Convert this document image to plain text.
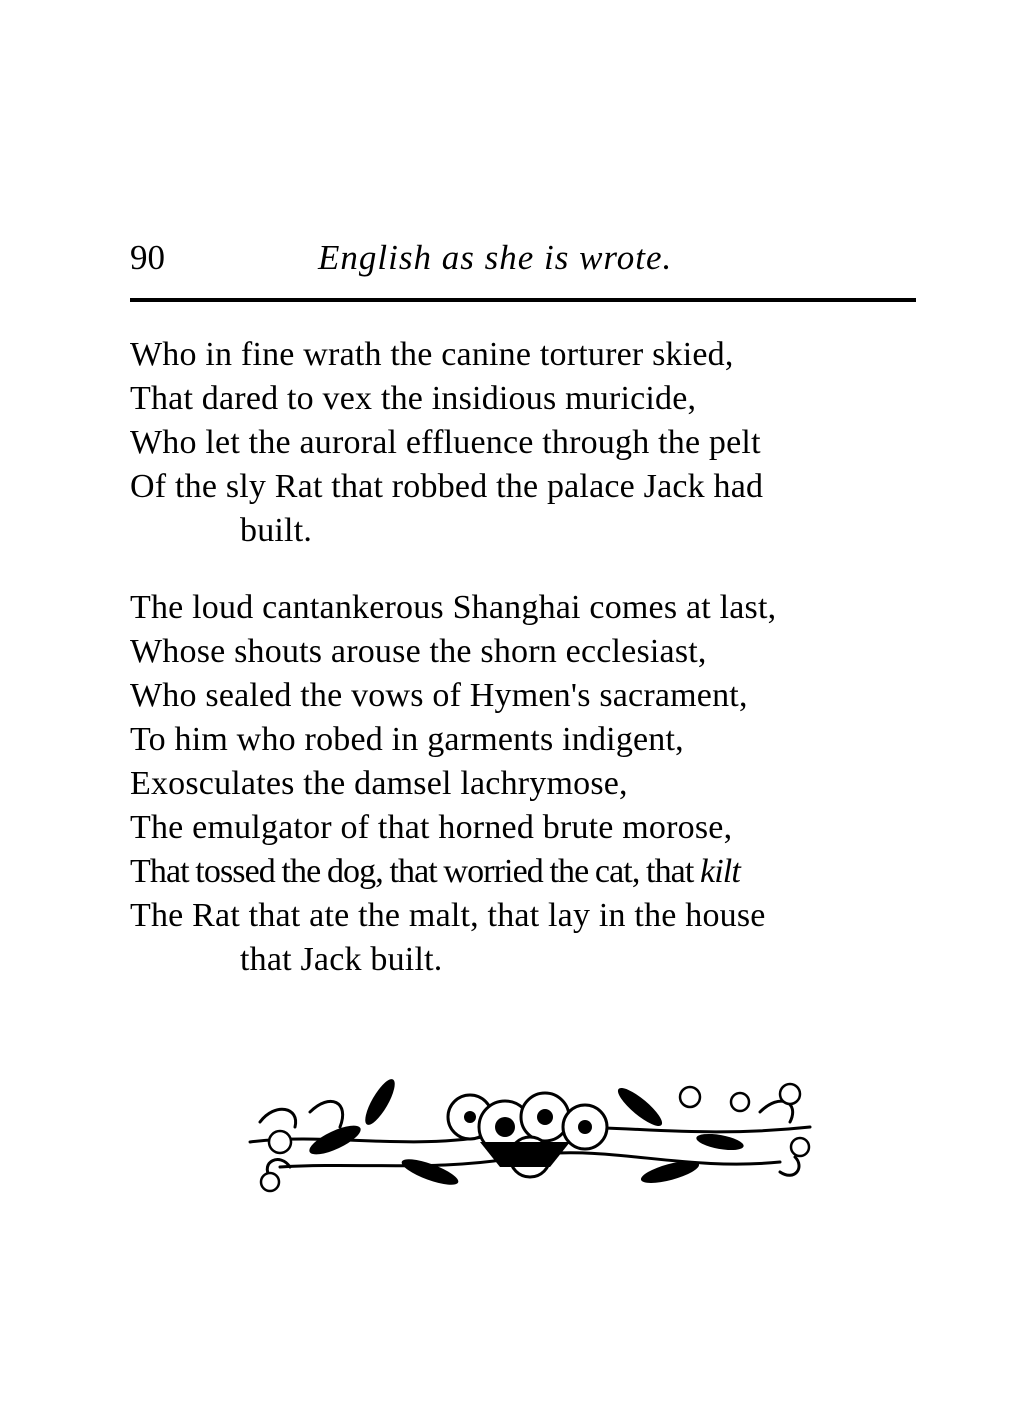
90	English as she is wrote.
Who in fine wrath the canine torturer skied,
That dared to vex the insidious muricide,
Who let the auroral effluence through the pelt
Of the sly Rat that robbed the palace Jack had
built.
The loud cantankerous Shanghai comes at last,
Whose shouts arouse the shorn ecclesiast,
Who sealed the vows of Hymen's sacrament,
To him who robed in garments indigent,
Exosculates the damsel lachrymose,
The emulgator of that horned brute morose,
That tossed the dog, that worried the cat, that kilt
The Rat that ate the malt, that lay in the house
that Jack built.
